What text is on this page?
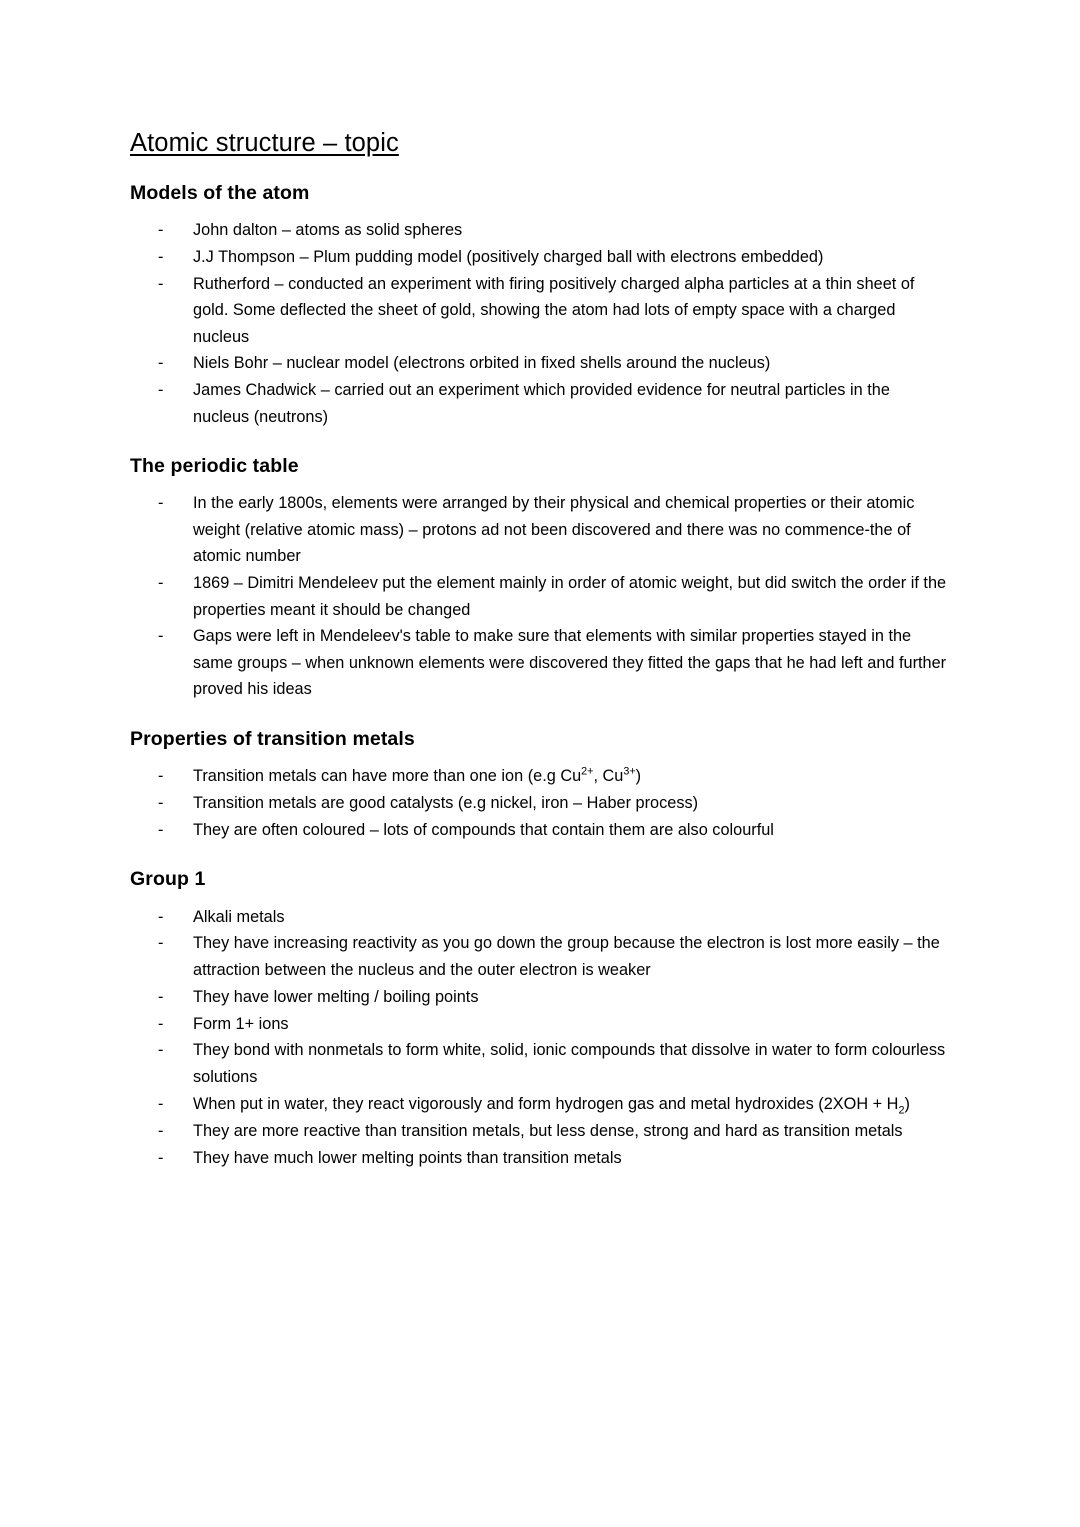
Atomic structure – topic
Models of the atom
- John dalton – atoms as solid spheres
- J.J Thompson – Plum pudding model (positively charged ball with electrons embedded)
- Rutherford – conducted an experiment with firing positively charged alpha particles at a thin sheet of gold. Some deflected the sheet of gold, showing the atom had lots of empty space with a charged nucleus
- Niels Bohr – nuclear model (electrons orbited in fixed shells around the nucleus)
- James Chadwick – carried out an experiment which provided evidence for neutral particles in the nucleus (neutrons)
The periodic table
- In the early 1800s, elements were arranged by their physical and chemical properties or their atomic weight (relative atomic mass) – protons ad not been discovered and there was no commence-the of atomic number
- 1869 – Dimitri Mendeleev put the element mainly in order of atomic weight, but did switch the order if the properties meant it should be changed
- Gaps were left in Mendeleev's table to make sure that elements with similar properties stayed in the same groups – when unknown elements were discovered they fitted the gaps that he had left and further proved his ideas
Properties of transition metals
- Transition metals can have more than one ion (e.g $Cu^{2+}$, $Cu^{3+}$)
- Transition metals are good catalysts (e.g nickel, iron – Haber process)
- They are often coloured – lots of compounds that contain them are also colourful
Group 1
- Alkali metals
- They have increasing reactivity as you go down the group because the electron is lost more easily – the attraction between the nucleus and the outer electron is weaker
- They have lower melting / boiling points
- Form 1+ ions
- They bond with nonmetals to form white, solid, ionic compounds that dissolve in water to form colourless solutions
- When put in water, they react vigorously and form hydrogen gas and metal hydroxides $(2XOH + H_2)$
- They are more reactive than transition metals, but less dense, strong and hard as transition metals
- They have much lower melting points than transition metals
